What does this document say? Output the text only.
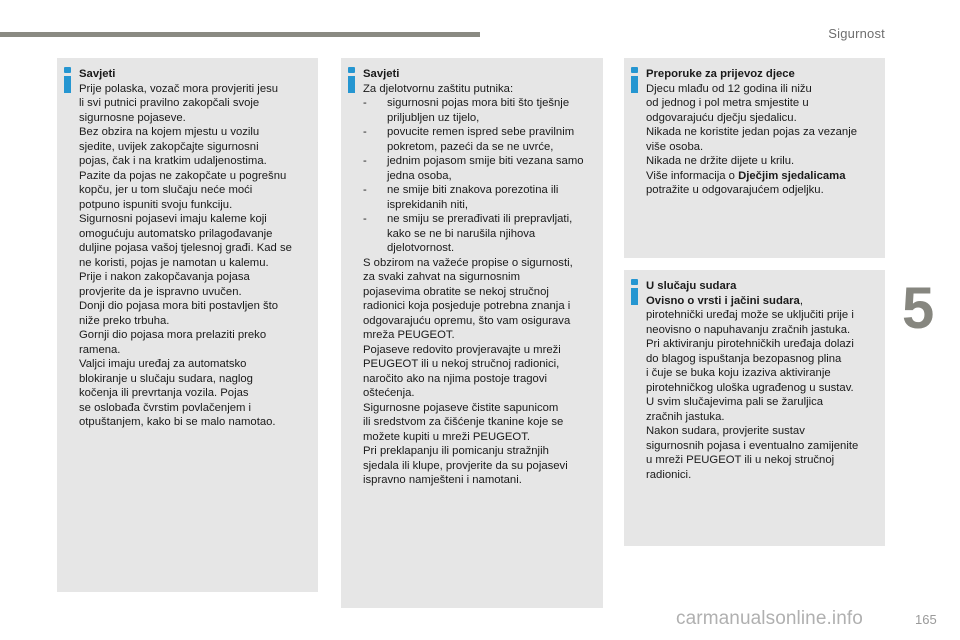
Sigurnost
5

Savjeti

Prije polaska, vozač mora provjeriti jesu

li svi putnici pravilno zakopčali svoje

sigurnosne pojaseve.

Bez obzira na kojem mjestu u vozilu

sjedite, uvijek zakopčajte sigurnosni

pojas, čak i na kratkim udaljenostima.

Pazite da pojas ne zakopčate u pogrešnu

kopču, jer u tom slučaju neće moći

potpuno ispuniti svoju funkciju.

Sigurnosni pojasevi imaju kaleme koji

omogućuju automatsko prilagođavanje

duljine pojasa vašoj tjelesnoj građi. Kad se

ne koristi, pojas je namotan u kalemu.

Prije i nakon zakopčavanja pojasa

provjerite da je ispravno uvučen.

Donji dio pojasa mora biti postavljen što

niže preko trbuha.

Gornji dio pojasa mora prelaziti preko

ramena.

Valjci imaju uređaj za automatsko

blokiranje u slučaju sudara, naglog

kočenja ili prevrtanja vozila. Pojas

se oslobađa čvrstim povlačenjem i

otpuštanjem, kako bi se malo namotao.

Savjeti

Za djelotvornu zaštitu putnika:

- sigurnosni pojas mora biti što tješnje
priljubljen uz tijelo,
- povucite remen ispred sebe pravilnim
pokretom, pazeći da se ne uvrće,
- jednim pojasom smije biti vezana samo
jedna osoba,
- ne smije biti znakova porezotina ili
isprekidanih niti,
- ne smiju se prerađivati ili prepravljati,
kako se ne bi narušila njihova
djelotvornost.

S obzirom na važeće propise o sigurnosti,

za svaki zahvat na sigurnosnim

pojasevima obratite se nekoj stručnoj

radionici koja posjeduje potrebna znanja i

odgovarajuću opremu, što vam osigurava

mreža PEUGEOT.

Pojaseve redovito provjeravajte u mreži

PEUGEOT ili u nekoj stručnoj radionici,

naročito ako na njima postoje tragovi

oštećenja.

Sigurnosne pojaseve čistite sapunicom

ili sredstvom za čišćenje tkanine koje se

možete kupiti u mreži PEUGEOT.

Pri preklapanju ili pomicanju stražnjih

sjedala ili klupe, provjerite da su pojasevi

ispravno namješteni i namotani.

Preporuke za prijevoz djece

Djecu mlađu od 12 godina ili nižu

od jednog i pol metra smjestite u

odgovarajuću dječju sjedalicu.

Nikada ne koristite jedan pojas za vezanje

više osoba.

Nikada ne držite dijete u krilu.

Više informacija o Dječjim sjedalicama

potražite u odgovarajućem odjeljku.

U slučaju sudara

Ovisno o vrsti i jačini sudara,

pirotehnički uređaj može se uključiti prije i

neovisno o napuhavanju zračnih jastuka.

Pri aktiviranju pirotehničkih uređaja dolazi

do blagog ispuštanja bezopasnog plina

i čuje se buka koju izaziva aktiviranje

pirotehničkog uloška ugrađenog u sustav.

U svim slučajevima pali se žaruljica

zračnih jastuka.

Nakon sudara, provjerite sustav

sigurnosnih pojasa i eventualno zamijenite

u mreži PEUGEOT ili u nekoj stručnoj

radionici.

165
carmanualsonline.info
